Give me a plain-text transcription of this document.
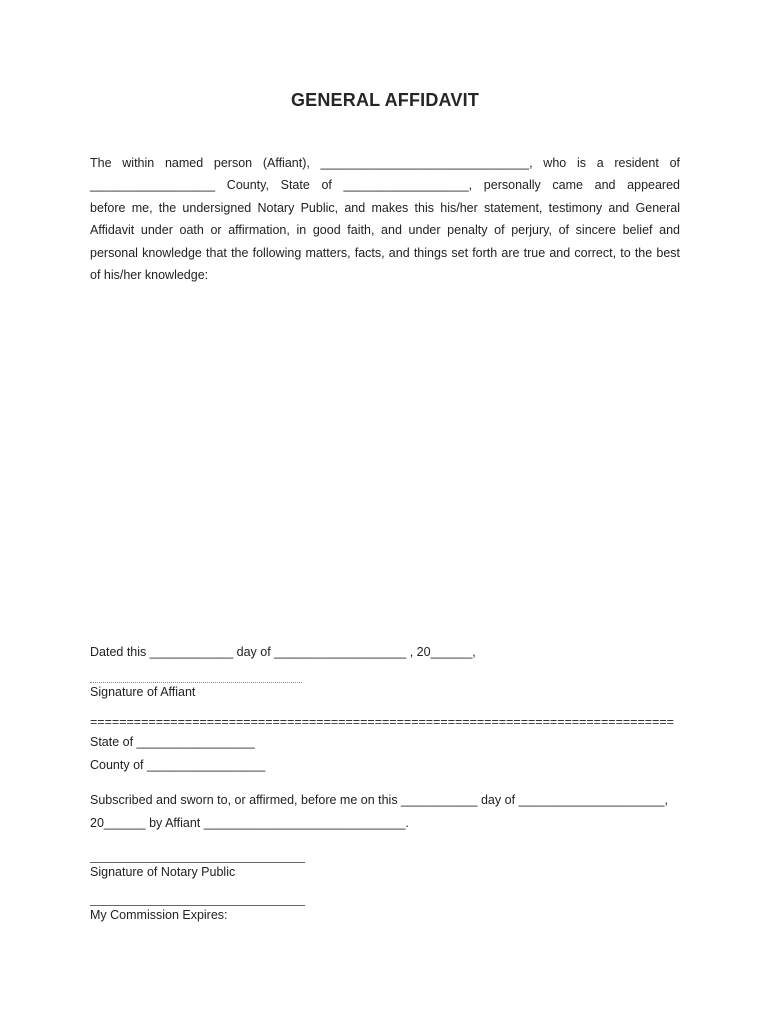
GENERAL AFFIDAVIT
The within named person (Affiant), ______________________________, who is a resident of
__________________ County, State of __________________, personally came and appeared
before me, the undersigned Notary Public, and makes this his/her statement, testimony and General
Affidavit under oath or affirmation, in good faith, and under penalty of perjury, of sincere belief and
personal knowledge that the following matters, facts, and things set forth are true and correct, to the best
of his/her knowledge:
Dated this ____________ day of ___________________ , 20______,
Signature of Affiant
================================================================================
State of _________________
County of _________________
Subscribed and sworn to, or affirmed, before me on this ___________ day of _____________________,
20______ by Affiant _____________________________.
Signature of Notary Public
My Commission Expires:
